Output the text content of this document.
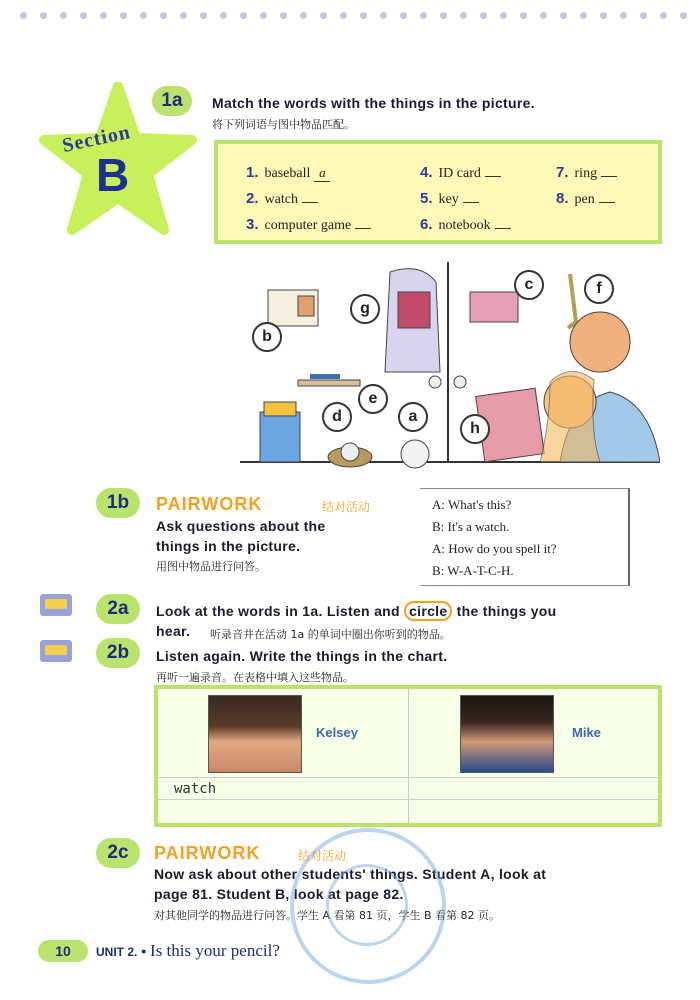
Section
B
1a	Match the words with the things in the picture.
将下列词语与图中物品匹配。
1. baseball a
2. watch
3. computer game
4. ID card
5. key
6. notebook
7. ring
8. pen
a
b
c
d
e
f
g
h
1b	PAIRWORK	结对活动
Ask questions about the
things in the picture.
用图中物品进行问答。
A: What's this?
B: It's a watch.
A: How do you spell it?
B: W-A-T-C-H.
2a	Look at the words in 1a. Listen and circle the things you
hear. 听录音并在活动 1a 的单词中圈出你听到的物品。
2b	Listen again. Write the things in the chart.
再听一遍录音。在表格中填入这些物品。
Kelsey	Mike
watch
2c	PAIRWORK	结对活动
Now ask about other students' things. Student A, look at
page 81. Student B, look at page 82.
对其他同学的物品进行问答。学生 A 看第 81 页，学生 B 看第 82 页。
10	UNIT 2. • Is this your pencil?
